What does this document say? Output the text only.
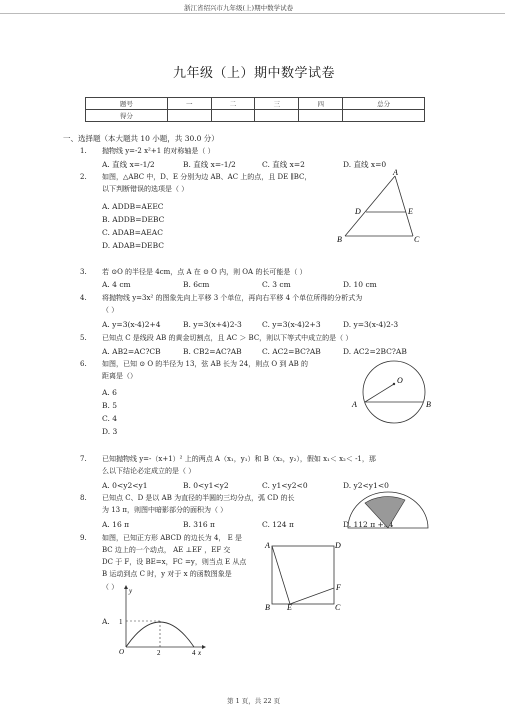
浙江省绍兴市九年级(上)期中数学试卷
九年级（上）期中数学试卷
题号	一	二	三	四	总分
得分					
一、选择题（本大题共 10 小题，共 30.0 分）
1. 抛物线 y=-2 x²+1 的对称轴是（ ）
A. 直线 x=-1/2	B. 直线 x=-1/2	C. 直线 x=2	D. 直线 x=0
2. 如图，△ABC 中，D、E 分别为边 AB、AC 上的点，且 DE ∥BC，
以下判断错误的选项是（ ）
A. ADDB=AEEC
B. ADDB=DEBC
C. ADAB=AEAC
D. ADAB=DEBC
A
D	E
B	C
3. 若 ⊙O 的半径是 4cm，点 A 在 ⊙ O 内，则 OA 的长可能是（ ）
A. 4 cm	B. 6cm	C. 3 cm	D. 10 cm
4. 将抛物线 y=3x² 的图象先向上平移 3 个单位，再向右平移 4 个单位所得的分析式为
（ ）
A. y=3(x-4)2+4	B. y=3(x+4)2-3	C. y=3(x-4)2+3	D. y=3(x-4)2-3
5. 已知点 C 是线段 AB 的黄金切割点，且 AC ＞ BC，则以下等式中成立的是（ ）
A. AB2=AC?CB	B. CB2=AC?AB	C. AC2=BC?AB	D. AC2=2BC?AB
6. 如图，已知 ⊙ O 的半径为 13，弦 AB 长为 24，则点 O 到 AB 的
距离是（）
A. 6
B. 5
C. 4
D. 3
O
A	B
7. 已知抛物线 y=-（x+1）² 上的两点 A（x₁，y₁）和 B（x₂，y₂），假如 x₁＜ x₂＜ -1，那
么以下结论必定成立的是（ ）
A. 0<y2<y1	B. 0<y1<y2	C. y1<y2<0	D. y2<y1<0
8. 已知点 C、D 是以 AB 为直径的半圆的三均分点，弧 CD 的长
为 13 π，则图中暗影部分的面积为（ ）
A. 16 π	B. 316 π	C. 124 π	D. 112 π +34
9. 如图，已知正方形 ABCD 的边长为 4， E 是
BC 边上的一个动点， AE ⊥EF ，EF 交
DC 于 F，设 BE=x，FC =y，则当点 E 从点
B 运动到点 C 时，y 对于 x 的函数图象是
（ ）
A.
A	D
F
B E	C
y
1
O	2	4 x
第 1 页，共 22 页
